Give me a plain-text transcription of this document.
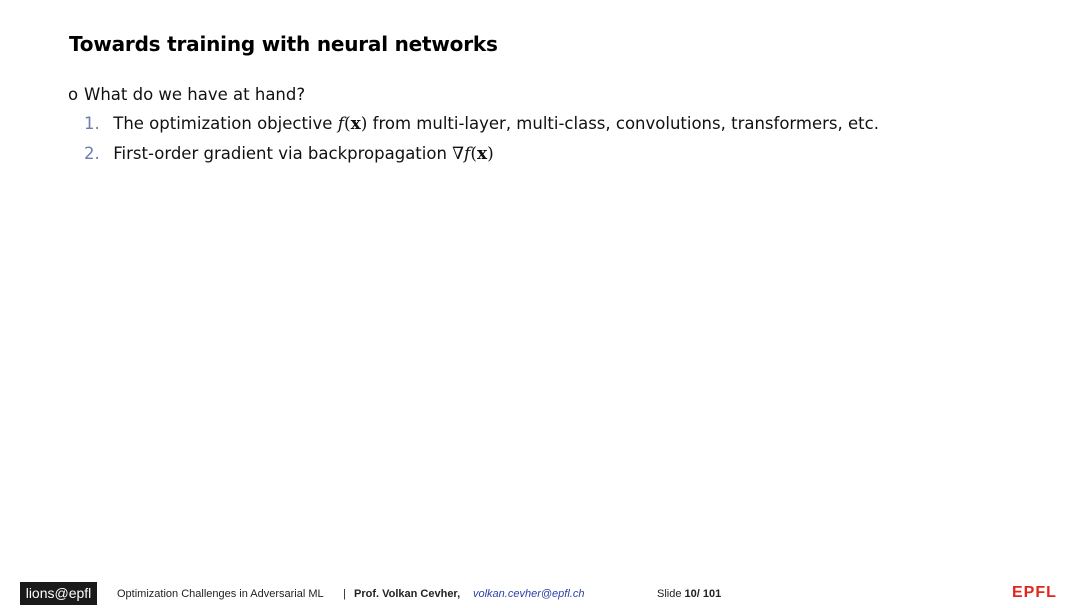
Towards training with neural networks
o What do we have at hand?
1. The optimization objective f(x) from multi-layer, multi-class, convolutions, transformers, etc.
2. First-order gradient via backpropagation ∇f(x)
lions@epfl	Optimization Challenges in Adversarial ML | Prof. Volkan Cevher, volkan.cevher@epfl.ch	Slide 10/ 101	EPFL
